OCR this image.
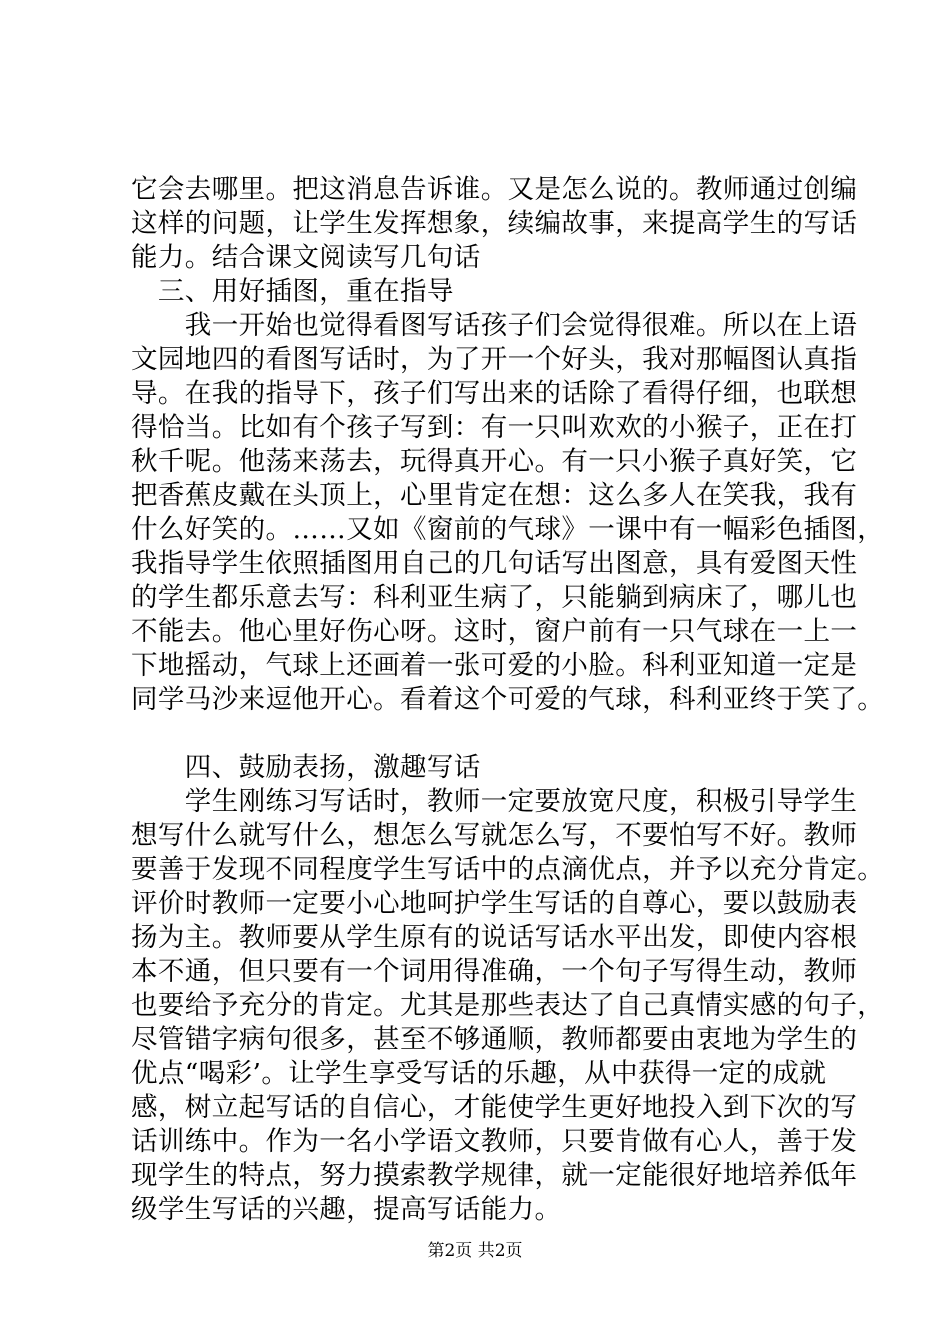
它会去哪里。把这消息告诉谁。又是怎么说的。教师通过创编
这样的问题，让学生发挥想象，续编故事，来提高学生的写话
能力。结合课文阅读写几句话
　三、用好插图，重在指导
　　我一开始也觉得看图写话孩子们会觉得很难。所以在上语
文园地四的看图写话时，为了开一个好头，我对那幅图认真指
导。在我的指导下，孩子们写出来的话除了看得仔细，也联想
得恰当。比如有个孩子写到：有一只叫欢欢的小猴子，正在打
秋千呢。他荡来荡去，玩得真开心。有一只小猴子真好笑，它
把香蕉皮戴在头顶上，心里肯定在想：这么多人在笑我，我有
什么好笑的。……又如《窗前的气球》一课中有一幅彩色插图，
我指导学生依照插图用自己的几句话写出图意，具有爱图天性
的学生都乐意去写：科利亚生病了，只能躺到病床了，哪儿也
不能去。他心里好伤心呀。这时，窗户前有一只气球在一上一
下地摇动，气球上还画着一张可爱的小脸。科利亚知道一定是
同学马沙来逗他开心。看着这个可爱的气球，科利亚终于笑了。
　　四、鼓励表扬，激趣写话
　　学生刚练习写话时，教师一定要放宽尺度，积极引导学生
想写什么就写什么，想怎么写就怎么写，不要怕写不好。教师
要善于发现不同程度学生写话中的点滴优点，并予以充分肯定。
评价时教师一定要小心地呵护学生写话的自尊心，要以鼓励表
扬为主。教师要从学生原有的说话写话水平出发，即使内容根
本不通，但只要有一个词用得准确，一个句子写得生动，教师
也要给予充分的肯定。尤其是那些表达了自己真情实感的句子，
尽管错字病句很多，甚至不够通顺，教师都要由衷地为学生的
优点“喝彩’。让学生享受写话的乐趣，从中获得一定的成就
感，树立起写话的自信心，才能使学生更好地投入到下次的写
话训练中。作为一名小学语文教师，只要肯做有心人，善于发
现学生的特点，努力摸索教学规律，就一定能很好地培养低年
级学生写话的兴趣，提高写话能力。
第2页 共2页
